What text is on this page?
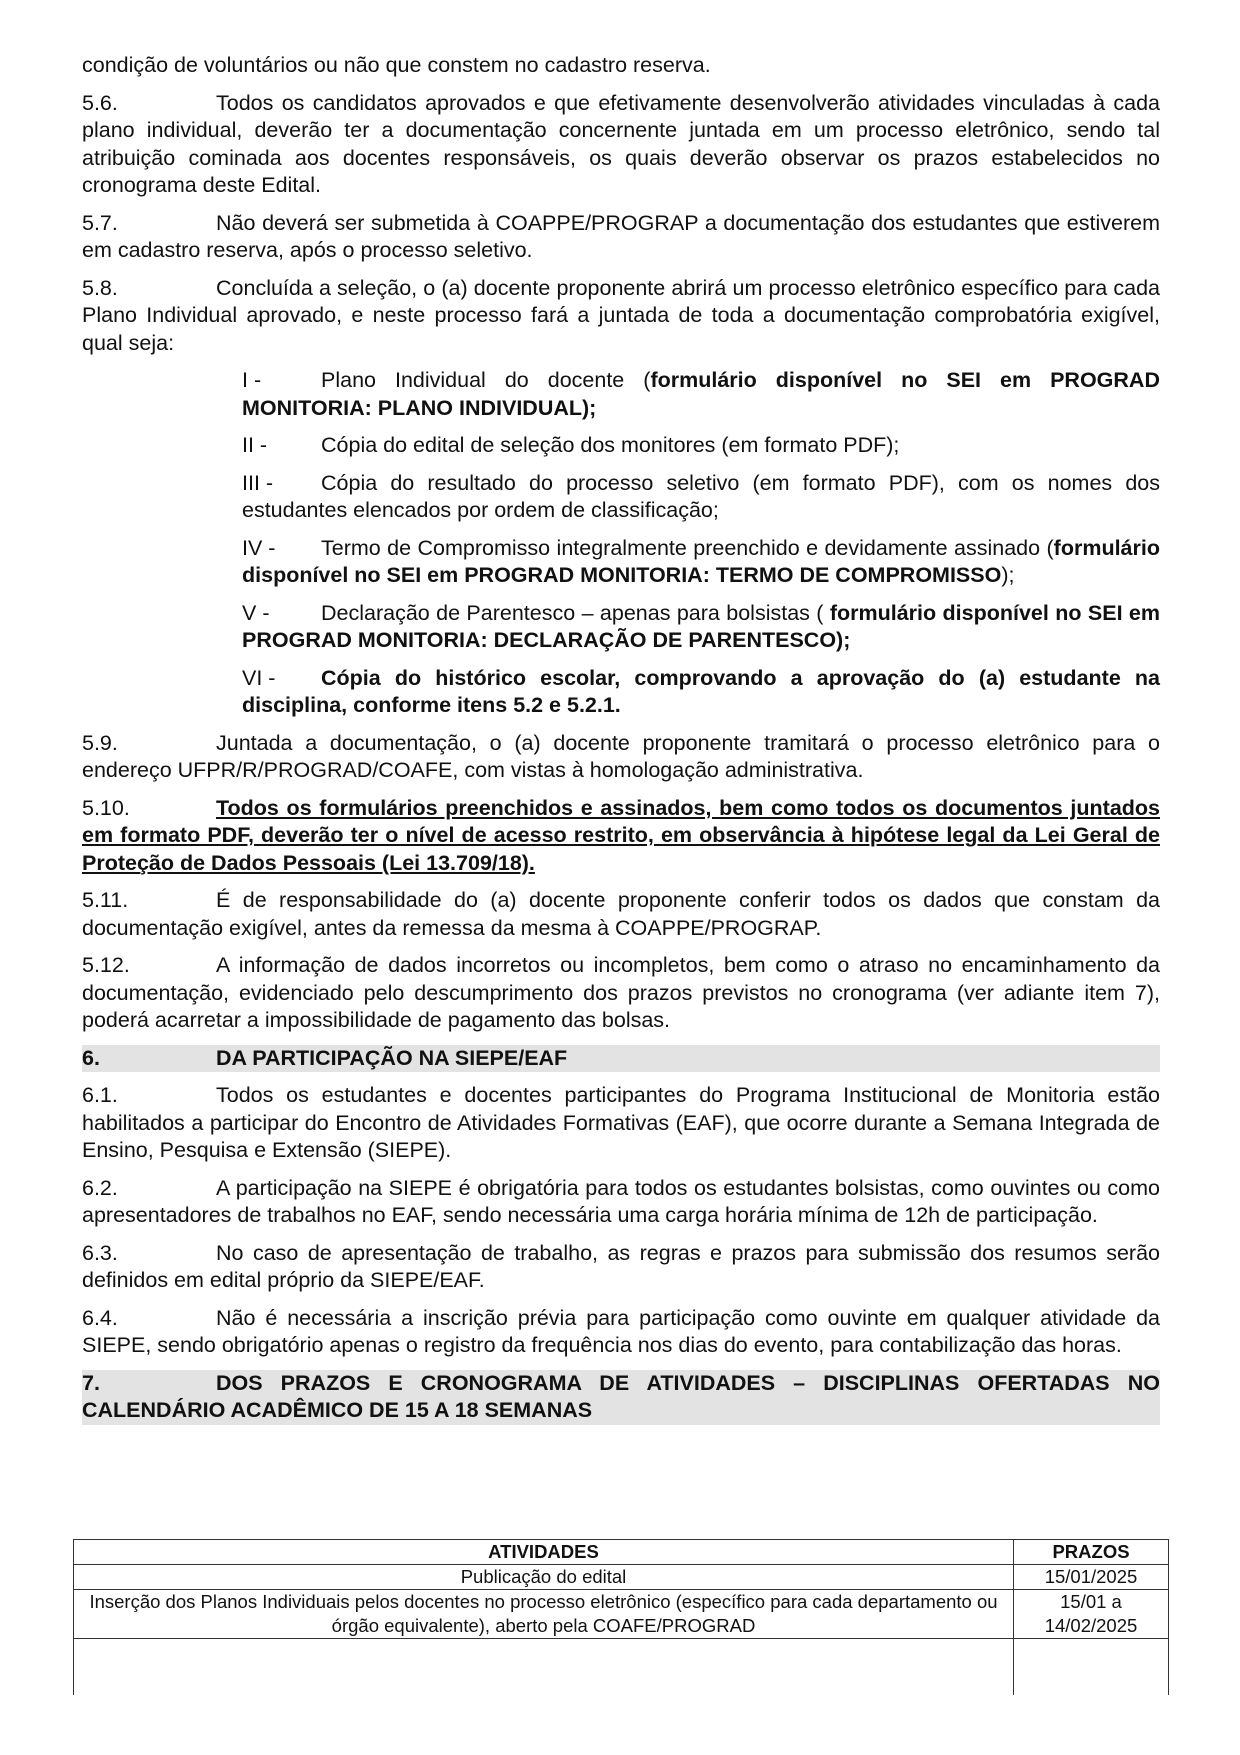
condição de voluntários ou não que constem no cadastro reserva.

5.6.	Todos os candidatos aprovados e que efetivamente desenvolverão atividades vinculadas à cada plano individual, deverão ter a documentação concernente juntada em um processo eletrônico, sendo tal atribuição cominada aos docentes responsáveis, os quais deverão observar os prazos estabelecidos no cronograma deste Edital.
5.7.	Não deverá ser submetida à COAPPE/PROGRAP a documentação dos estudantes que estiverem em cadastro reserva, após o processo seletivo.
5.8.	Concluída a seleção, o (a) docente proponente abrirá um processo eletrônico específico para cada Plano Individual aprovado, e neste processo fará a juntada de toda a documentação comprobatória exigível, qual seja:
I -	Plano Individual do docente (formulário disponível no SEI em PROGRAD MONITORIA: PLANO INDIVIDUAL);
II -	Cópia do edital de seleção dos monitores (em formato PDF);
III - Cópia do resultado do processo seletivo (em formato PDF), com os nomes dos estudantes elencados por ordem de classificação;
IV - Termo de Compromisso integralmente preenchido e devidamente assinado (formulário disponível no SEI em PROGRAD MONITORIA: TERMO DE COMPROMISSO);
V - Declaração de Parentesco – apenas para bolsistas ( formulário disponível no SEI em PROGRAD MONITORIA: DECLARAÇÃO DE PARENTESCO);
VI - Cópia do histórico escolar, comprovando a aprovação do (a) estudante na disciplina, conforme itens 5.2 e 5.2.1.
5.9.	Juntada a documentação, o (a) docente proponente tramitará o processo eletrônico para o endereço UFPR/R/PROGRAD/COAFE, com vistas à homologação administrativa.
5.10.	Todos os formulários preenchidos e assinados, bem como todos os documentos juntados em formato PDF, deverão ter o nível de acesso restrito, em observância à hipótese legal da Lei Geral de Proteção de Dados Pessoais (Lei 13.709/18).
5.11.	É de responsabilidade do (a) docente proponente conferir todos os dados que constam da documentação exigível, antes da remessa da mesma à COAPPE/PROGRAP.
5.12.	A informação de dados incorretos ou incompletos, bem como o atraso no encaminhamento da documentação, evidenciado pelo descumprimento dos prazos previstos no cronograma (ver adiante item 7), poderá acarretar a impossibilidade de pagamento das bolsas.
6.	DA PARTICIPAÇÃO NA SIEPE/EAF
6.1.	Todos os estudantes e docentes participantes do Programa Institucional de Monitoria estão habilitados a participar do Encontro de Atividades Formativas (EAF), que ocorre durante a Semana Integrada de Ensino, Pesquisa e Extensão (SIEPE).
6.2.	A participação na SIEPE é obrigatória para todos os estudantes bolsistas, como ouvintes ou como apresentadores de trabalhos no EAF, sendo necessária uma carga horária mínima de 12h de participação.
6.3.	No caso de apresentação de trabalho, as regras e prazos para submissão dos resumos serão definidos em edital próprio da SIEPE/EAF.
6.4.	Não é necessária a inscrição prévia para participação como ouvinte em qualquer atividade da SIEPE, sendo obrigatório apenas o registro da frequência nos dias do evento, para contabilização das horas.
7.	DOS PRAZOS E CRONOGRAMA DE ATIVIDADES – DISCIPLINAS OFERTADAS NO CALENDÁRIO ACADÊMICO DE 15 A 18 SEMANAS
ATIVIDADES	PRAZOS
Publicação do edital	15/01/2025
Inserção dos Planos Individuais pelos docentes no processo eletrônico (específico para cada departamento ou órgão equivalente), aberto pela COAFE/PROGRAD	15/01 a 14/02/2025
